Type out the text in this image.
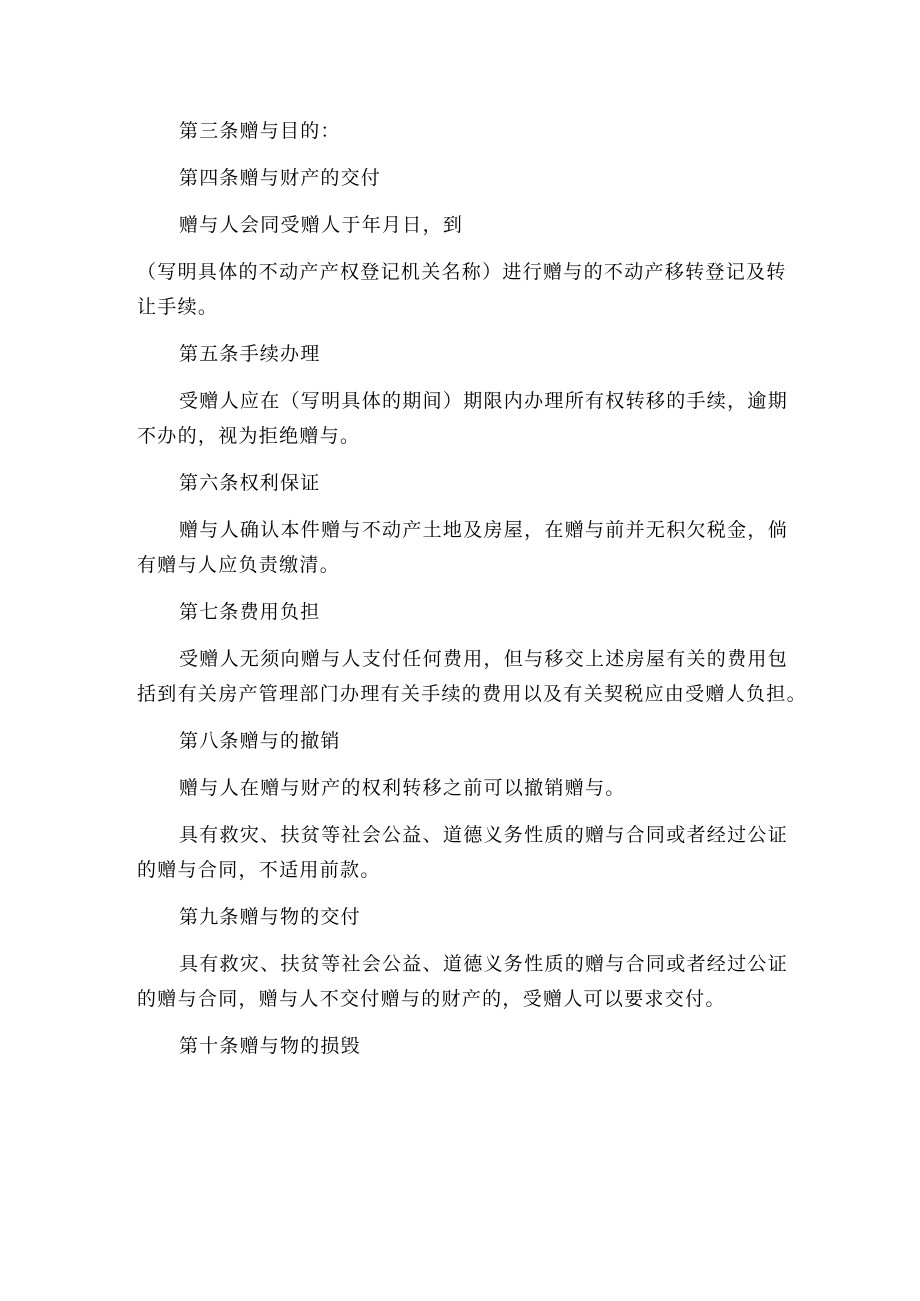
第三条赠与目的：

第四条赠与财产的交付

赠与人会同受赠人于年月日，到

（写明具体的不动产产权登记机关名称）进行赠与的不动产移转登记及转让手续。

第五条手续办理

受赠人应在（写明具体的期间）期限内办理所有权转移的手续，逾期不办的，视为拒绝赠与。

第六条权利保证

赠与人确认本件赠与不动产土地及房屋，在赠与前并无积欠税金，倘有赠与人应负责缴清。

第七条费用负担

受赠人无须向赠与人支付任何费用，但与移交上述房屋有关的费用包括到有关房产管理部门办理有关手续的费用以及有关契税应由受赠人负担。

第八条赠与的撤销

赠与人在赠与财产的权利转移之前可以撤销赠与。

具有救灾、扶贫等社会公益、道德义务性质的赠与合同或者经过公证的赠与合同，不适用前款。

第九条赠与物的交付

具有救灾、扶贫等社会公益、道德义务性质的赠与合同或者经过公证的赠与合同，赠与人不交付赠与的财产的，受赠人可以要求交付。

第十条赠与物的损毁
